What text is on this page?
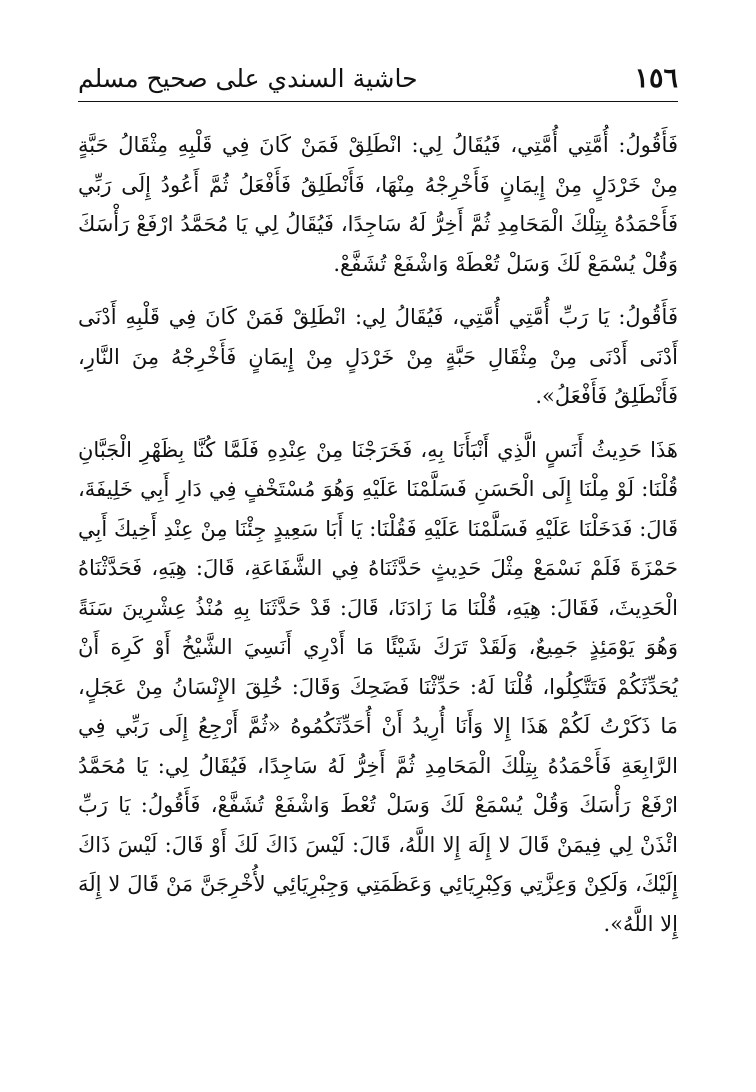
١٥٦
حاشية السندي على صحيح مسلم

فَأَقُولُ: أُمَّتِي أُمَّتِي، فَيُقَالُ لِي: انْطَلِقْ فَمَنْ كَانَ فِي قَلْبِهِ مِثْقَالُ حَبَّةٍ مِنْ خَرْدَلٍ مِنْ إِيمَانٍ فَأَخْرِجْهُ مِنْهَا، فَأَنْطَلِقُ فَأَفْعَلُ ثُمَّ أَعُودُ إِلَى رَبِّي فَأَحْمَدُهُ بِتِلْكَ الْمَحَامِدِ ثُمَّ أَخِرُّ لَهُ سَاجِدًا، فَيُقَالُ لِي يَا مُحَمَّدُ ارْفَعْ رَأْسَكَ وَقُلْ يُسْمَعْ لَكَ وَسَلْ تُعْطَهْ وَاشْفَعْ تُشَفَّعْ.

فَأَقُولُ: يَا رَبِّ أُمَّتِي أُمَّتِي، فَيُقَالُ لِي: انْطَلِقْ فَمَنْ كَانَ فِي قَلْبِهِ أَدْنَى أَدْنَى أَدْنَى مِنْ مِثْقَالِ حَبَّةٍ مِنْ خَرْدَلٍ مِنْ إِيمَانٍ فَأَخْرِجْهُ مِنَ النَّارِ، فَأَنْطَلِقُ فَأَفْعَلُ».

هَذَا حَدِيثُ أَنَسٍ الَّذِي أَنْبَأَنَا بِهِ، فَخَرَجْنَا مِنْ عِنْدِهِ فَلَمَّا كُنَّا بِظَهْرِ الْجَبَّانِ قُلْنَا: لَوْ مِلْنَا إِلَى الْحَسَنِ فَسَلَّمْنَا عَلَيْهِ وَهُوَ مُسْتَخْفٍ فِي دَارِ أَبِي خَلِيفَةَ، قَالَ: فَدَخَلْنَا عَلَيْهِ فَسَلَّمْنَا عَلَيْهِ فَقُلْنَا: يَا أَبَا سَعِيدٍ جِئْنَا مِنْ عِنْدِ أَخِيكَ أَبِي حَمْزَةَ فَلَمْ نَسْمَعْ مِثْلَ حَدِيثٍ حَدَّثَنَاهُ فِي الشَّفَاعَةِ، قَالَ: هِيَهِ، فَحَدَّثْنَاهُ الْحَدِيثَ، فَقَالَ: هِيَهِ، قُلْنَا مَا زَادَنَا، قَالَ: قَدْ حَدَّثَنَا بِهِ مُنْذُ عِشْرِينَ سَنَةً وَهُوَ يَوْمَئِذٍ جَمِيعٌ، وَلَقَدْ تَرَكَ شَيْئًا مَا أَدْرِي أَنَسِيَ الشَّيْخُ أَوْ كَرِهَ أَنْ يُحَدِّثَكُمْ فَتَتَّكِلُوا، قُلْنَا لَهُ: حَدِّثْنَا فَضَحِكَ وَقَالَ: خُلِقَ الإِنْسَانُ مِنْ عَجَلٍ، مَا ذَكَرْتُ لَكُمْ هَذَا إِلا وَأَنَا أُرِيدُ أَنْ أُحَدِّثَكُمُوهُ «ثُمَّ أَرْجِعُ إِلَى رَبِّي فِي الرَّابِعَةِ فَأَحْمَدُهُ بِتِلْكَ الْمَحَامِدِ ثُمَّ أَخِرُّ لَهُ سَاجِدًا، فَيُقَالُ لِي: يَا مُحَمَّدُ ارْفَعْ رَأْسَكَ وَقُلْ يُسْمَعْ لَكَ وَسَلْ تُعْطَ وَاشْفَعْ تُشَفَّعْ، فَأَقُولُ: يَا رَبِّ ائْذَنْ لِي فِيمَنْ قَالَ لا إِلَهَ إِلا اللَّهُ، قَالَ: لَيْسَ ذَاكَ لَكَ أَوْ قَالَ: لَيْسَ ذَاكَ إِلَيْكَ، وَلَكِنْ وَعِزَّتِي وَكِبْرِيَائِي وَعَظَمَتِي وَجِبْرِيَائِي لأُخْرِجَنَّ مَنْ قَالَ لا إِلَهَ إِلا اللَّهُ».
